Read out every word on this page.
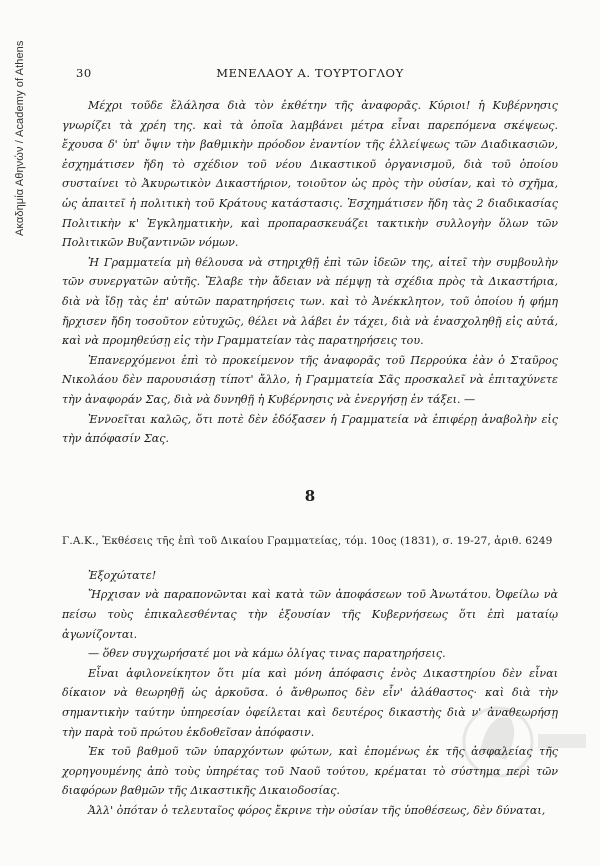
Ακαδημία Αθηνών / Academy of Athens	30	ΜΕΝΕΛΑΟΥ Α. ΤΟΥΡΤΟΓΛΟΥ

Μέχρι τοῦδε ἔλάλησα διὰ τὸν ἐκθέτην τῆς ἀναφορᾶς. Κύριοι! ἡ Κυβέρνησις γνωρίζει τὰ χρέη της. καὶ τὰ ὁποῖα λαμβάνει μέτρα εἶναι παρεπόμενα σκέψεως. ἔχουσα δ' ὑπ' ὄψιν τὴν βαθμικὴν πρόοδον ἐναντίον τῆς ἐλλείψεως τῶν Διαδικασιῶν, ἐσχημάτισεν ἤδη τὸ σχέδιον τοῦ νέου Δικαστικοῦ ὀργανισμοῦ, διὰ τοῦ ὁποίου συσταίνει τὸ Ἀκυρωτικὸν Δικαστήριον, τοιοῦτον ὡς πρὸς τὴν οὐσίαν, καὶ τὸ σχῆμα, ὡς ἀπαιτεῖ ἡ πολιτικὴ τοῦ Κράτους κατάστασις. Ἐσχημάτισεν ἤδη τὰς 2 διαδικασίας Πολιτικὴν κ' Ἐγκληματικὴν, καὶ προπαρασκευάζει τακτικὴν συλλογὴν ὅλων τῶν Πολιτικῶν Βυζαντινῶν νόμων.

Ἡ Γραμματεία μὴ θέλουσα νὰ στηριχθῇ ἐπὶ τῶν ἰδεῶν της, αἰτεῖ τὴν συμβουλὴν τῶν συνεργατῶν αὐτῆς. Ἔλαβε τὴν ἄδειαν νὰ πέμψῃ τὰ σχέδια πρὸς τὰ Δικαστήρια, διὰ νὰ ἴδῃ τὰς ἐπ' αὐτῶν παρατηρήσεις των. καὶ τὸ Ἀνέκκλητον, τοῦ ὁποίου ἡ φήμη ἤρχισεν ἤδη τοσοῦτον εὐτυχῶς, θέλει νὰ λάβει ἐν τάχει, διὰ νὰ ἐνασχοληθῇ εἰς αὐτά, καὶ νὰ προμηθεύσῃ εἰς τὴν Γραμματείαν τὰς παρατηρήσεις του.

Ἐπανερχόμενοι ἐπὶ τὸ προκείμενον τῆς ἀναφορᾶς τοῦ Περρούκα ἐὰν ὁ Σταῦρος Νικολάου δὲν παρουσιάσῃ τίποτ' ἄλλο, ἡ Γραμματεία Σᾶς προσκαλεῖ νὰ ἐπιταχύνετε τὴν ἀναφοράν Σας, διὰ νὰ δυνηθῇ ἡ Κυβέρνησις νὰ ἐνεργήσῃ ἐν τάξει. —

Ἐννοεῖται καλῶς, ὅτι ποτὲ δὲν ἐδόξασεν ἡ Γραμματεία νὰ ἐπιφέρῃ ἀναβολὴν εἰς τὴν ἀπόφασίν Σας.

8
Γ.Α.Κ., Ἐκθέσεις τῆς ἐπὶ τοῦ Δικαίου Γραμματείας, τόμ. 10ος (1831), σ. 19-27, ἀριθ. 6249

Ἐξοχώτατε!

Ἤρχισαν νὰ παραπονῶνται καὶ κατὰ τῶν ἀποφάσεων τοῦ Ἀνωτάτου. Ὀφείλω νὰ πείσω τοὺς ἐπικαλεσθέντας τὴν ἐξουσίαν τῆς Κυβερνήσεως ὅτι ἐπὶ ματαίῳ ἀγωνίζονται.

— ὅθεν συγχωρήσατέ μοι νὰ κάμω ὀλίγας τινας παρατηρήσεις.

Εἶναι ἀφιλονείκητον ὅτι μία καὶ μόνη ἀπόφασις ἑνὸς Δικαστηρίου δὲν εἶναι δίκαιον νὰ θεωρηθῇ ὡς ἀρκοῦσα. ὁ ἄνθρωπος δὲν εἶν' ἀλάθαστος· καὶ διὰ τὴν σημαντικὴν ταύτην ὑπηρεσίαν ὀφείλεται καὶ δευτέρος δικαστὴς διὰ ν' ἀναθεωρήσῃ τὴν παρὰ τοῦ πρώτου ἐκδοθεῖσαν ἀπόφασιν.

Ἐκ τοῦ βαθμοῦ τῶν ὑπαρχόντων φώτων, καὶ ἐπομένως ἐκ τῆς ἀσφαλείας τῆς χορηγουμένης ἀπὸ τοὺς ὑπηρέτας τοῦ Ναοῦ τούτου, κρέμαται τὸ σύστημα περὶ τῶν διαφόρων βαθμῶν τῆς Δικαστικῆς Δικαιοδοσίας.

Ἀλλ' ὁπόταν ὁ τελευταῖος φόρος ἔκρινε τὴν οὐσίαν τῆς ὑποθέσεως, δὲν δύναται,
